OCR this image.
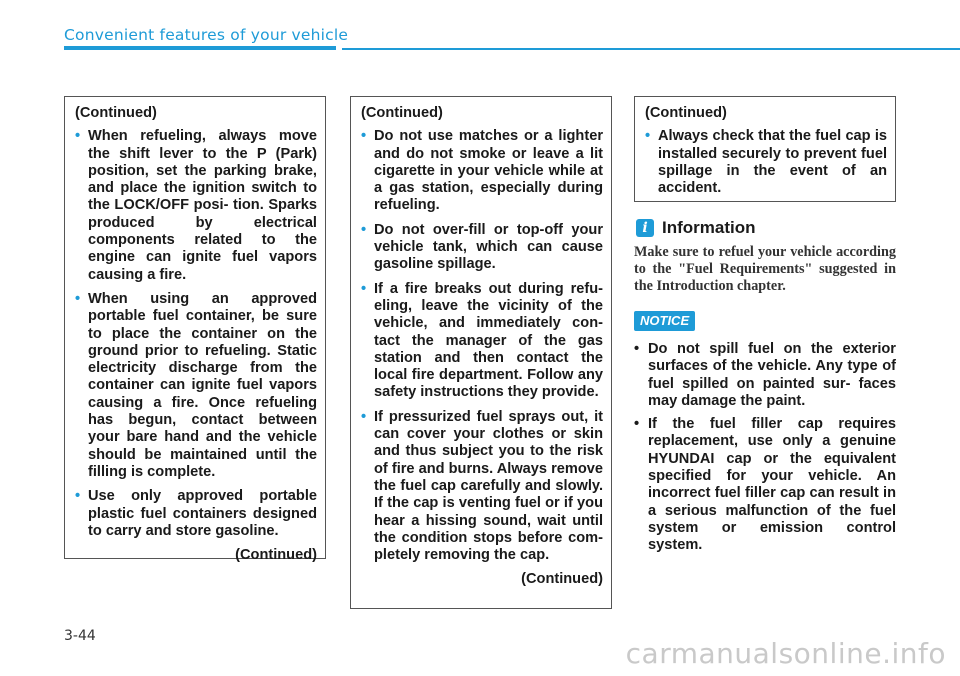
Convenient features of your vehicle
(Continued)
• When refueling, always move the shift lever to the P (Park) position, set the parking brake, and place the ignition switch to the LOCK/OFF posi- tion. Sparks produced by electrical components related to the engine can ignite fuel vapors causing a fire.
• When using an approved portable fuel container, be sure to place the container on the ground prior to refueling. Static electricity discharge from the container can ignite fuel vapors causing a fire. Once refueling has begun, contact between your bare hand and the vehicle should be maintained until the filling is complete.
• Use only approved portable plastic fuel containers designed to carry and store gasoline.
(Continued)
(Continued)
• Do not use matches or a lighter and do not smoke or leave a lit cigarette in your vehicle while at a gas station, especially during refueling.
• Do not over-fill or top-off your vehicle tank, which can cause gasoline spillage.
• If a fire breaks out during refu- eling, leave the vicinity of the vehicle, and immediately con- tact the manager of the gas station and then contact the local fire department. Follow any safety instructions they provide.
• If pressurized fuel sprays out, it can cover your clothes or skin and thus subject you to the risk of fire and burns. Always remove the fuel cap carefully and slowly. If the cap is venting fuel or if you hear a hissing sound, wait until the condition stops before com- pletely removing the cap.
(Continued)
(Continued)
• Always check that the fuel cap is installed securely to prevent fuel spillage in the event of an accident.
i Information
Make sure to refuel your vehicle according to the "Fuel Requirements" suggested in the Introduction chapter.
NOTICE
• Do not spill fuel on the exterior surfaces of the vehicle. Any type of fuel spilled on painted sur- faces may damage the paint.
• If the fuel filler cap requires replacement, use only a genuine HYUNDAI cap or the equivalent specified for your vehicle. An incorrect fuel filler cap can result in a serious malfunction of the fuel system or emission control system.
3-44
carmanualsonline.info
